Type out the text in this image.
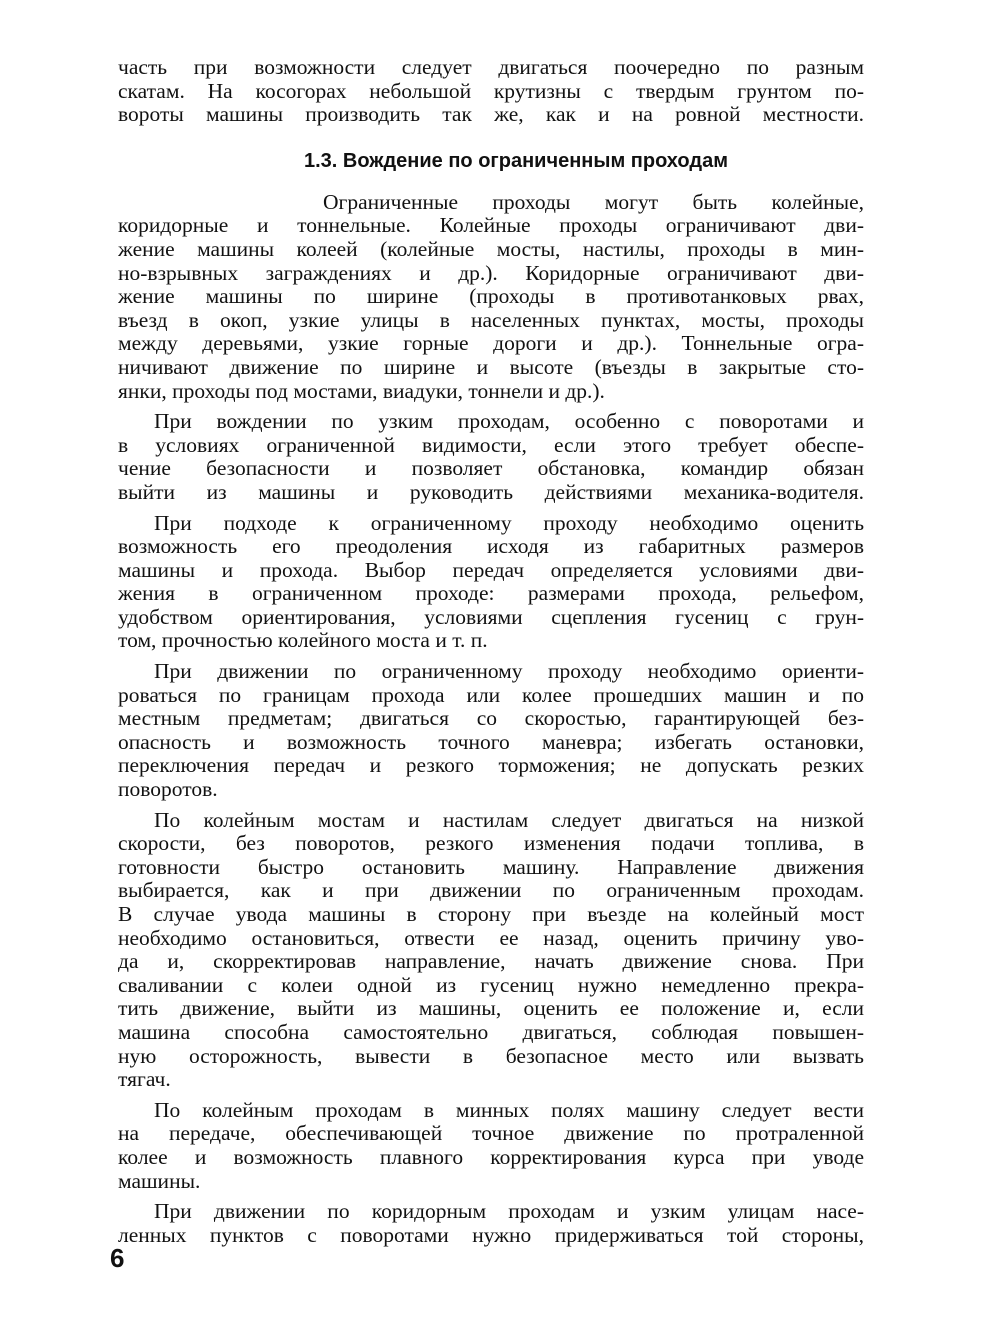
часть при возможности следует двигаться поочередно по разным
скатам. На косогорах небольшой крутизны с твердым грунтом по-
вороты машины производить так же, как и на ровной местности.
1.3. Вождение по ограниченным проходам
Ограниченные проходы могут быть колейные,
коридорные и тоннельные. Колейные проходы ограничивают дви-
жение машины колеей (колейные мосты, настилы, проходы в мин-
но-взрывных заграждениях и др.). Коридорные ограничивают дви-
жение машины по ширине (проходы в противотанковых рвах,
въезд в окоп, узкие улицы в населенных пунктах, мосты, проходы
между деревьями, узкие горные дороги и др.). Тоннельные огра-
ничивают движение по ширине и высоте (въезды в закрытые сто-
янки, проходы под мостами, виадуки, тоннели и др.).
При вождении по узким проходам, особенно с поворотами и
в условиях ограниченной видимости, если этого требует обеспе-
чение безопасности и позволяет обстановка, командир обязан
выйти из машины и руководить действиями механика-водителя.
При подходе к ограниченному проходу необходимо оценить
возможность его преодоления исходя из габаритных размеров
машины и прохода. Выбор передач определяется условиями дви-
жения в ограниченном проходе: размерами прохода, рельефом,
удобством ориентирования, условиями сцепления гусениц с грун-
том, прочностью колейного моста и т. п.
При движении по ограниченному проходу необходимо ориенти-
роваться по границам прохода или колее прошедших машин и по
местным предметам; двигаться со скоростью, гарантирующей без-
опасность и возможность точного маневра; избегать остановки,
переключения передач и резкого торможения; не допускать резких
поворотов.
По колейным мостам и настилам следует двигаться на низкой
скорости, без поворотов, резкого изменения подачи топлива, в
готовности быстро остановить машину. Направление движения
выбирается, как и при движении по ограниченным проходам.
В случае увода машины в сторону при въезде на колейный мост
необходимо остановиться, отвести ее назад, оценить причину уво-
да и, скорректировав направление, начать движение снова. При
сваливании с колеи одной из гусениц нужно немедленно прекра-
тить движение, выйти из машины, оценить ее положение и, если
машина способна самостоятельно двигаться, соблюдая повышен-
ную осторожность, вывести в безопасное место или вызвать
тягач.
По колейным проходам в минных полях машину следует вести
на передаче, обеспечивающей точное движение по протраленной
колее и возможность плавного корректирования курса при уводе
машины.
При движении по коридорным проходам и узким улицам насе-
ленных пунктов с поворотами нужно придерживаться той стороны,
6
